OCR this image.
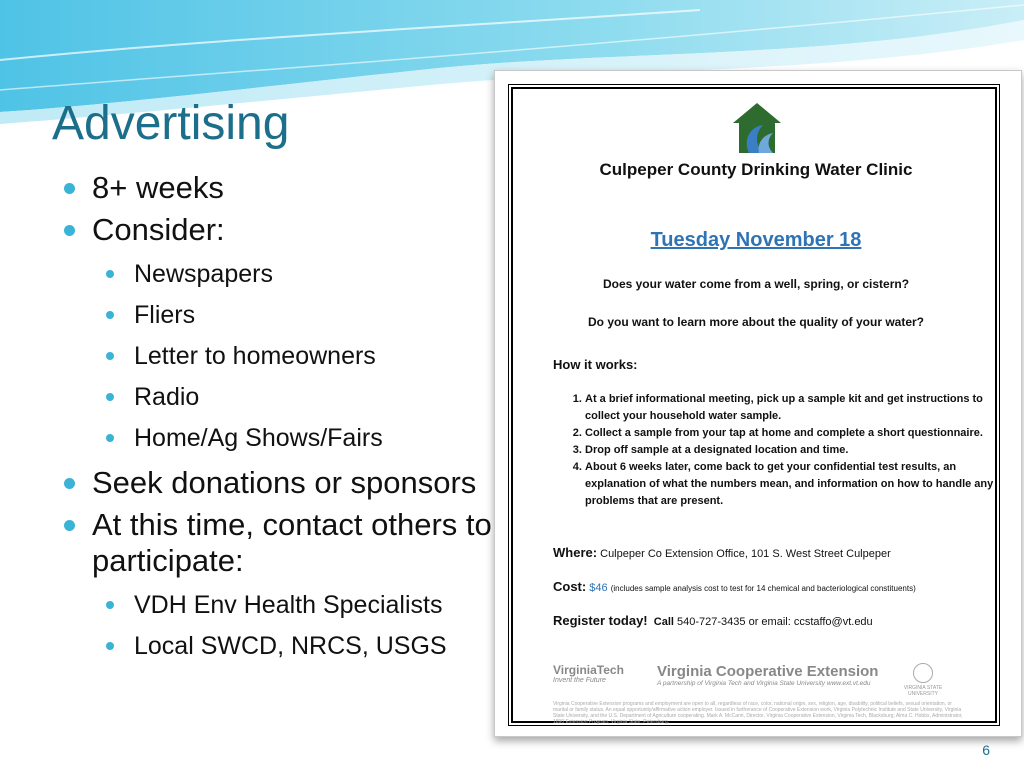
Advertising
8+ weeks
Consider:
Newspapers
Fliers
Letter to homeowners
Radio
Home/Ag Shows/Fairs
Seek donations or sponsors
At this time, contact others to participate:
VDH Env Health Specialists
Local SWCD, NRCS, USGS
Culpeper County Drinking Water Clinic
Tuesday November 18
Does your water come from a well, spring, or cistern?
Do you want to learn more about the quality of your water?
How it works:
1. At a brief informational meeting, pick up a sample kit and get instructions to collect your household water sample.
2. Collect a sample from your tap at home and complete a short questionnaire.
3. Drop off sample at a designated location and time.
4. About 6 weeks later, come back to get your confidential test results, an explanation of what the numbers mean, and information on how to handle any problems that are present.
Where: Culpeper Co Extension Office, 101 S. West Street Culpeper
Cost: $46 (includes sample analysis cost to test for 14 chemical and bacteriological constituents)
Register today! Call 540-727-3435 or email: ccstaffo@vt.edu
VirginiaTech
Invent the Future
Virginia Cooperative Extension
A partnership of Virginia Tech and Virginia State University www.ext.vt.edu
VIRGINIA STATE UNIVERSITY
Virginia Cooperative Extension programs and employment are open to all, regardless of race, color, national origin, sex, religion, age, disability, political beliefs, sexual orientation, or marital or family status. An equal opportunity/affirmative action employer. Issued in furtherance of Cooperative Extension work, Virginia Polytechnic Institute and State University, Virginia State University, and the U.S. Department of Agriculture cooperating. Mark A. McCann, Director, Virginia Cooperative Extension, Virginia Tech, Blacksburg; Alma C. Hobbs, Administrator, 1890 Extension Program, Virginia State, Petersburg.
6
